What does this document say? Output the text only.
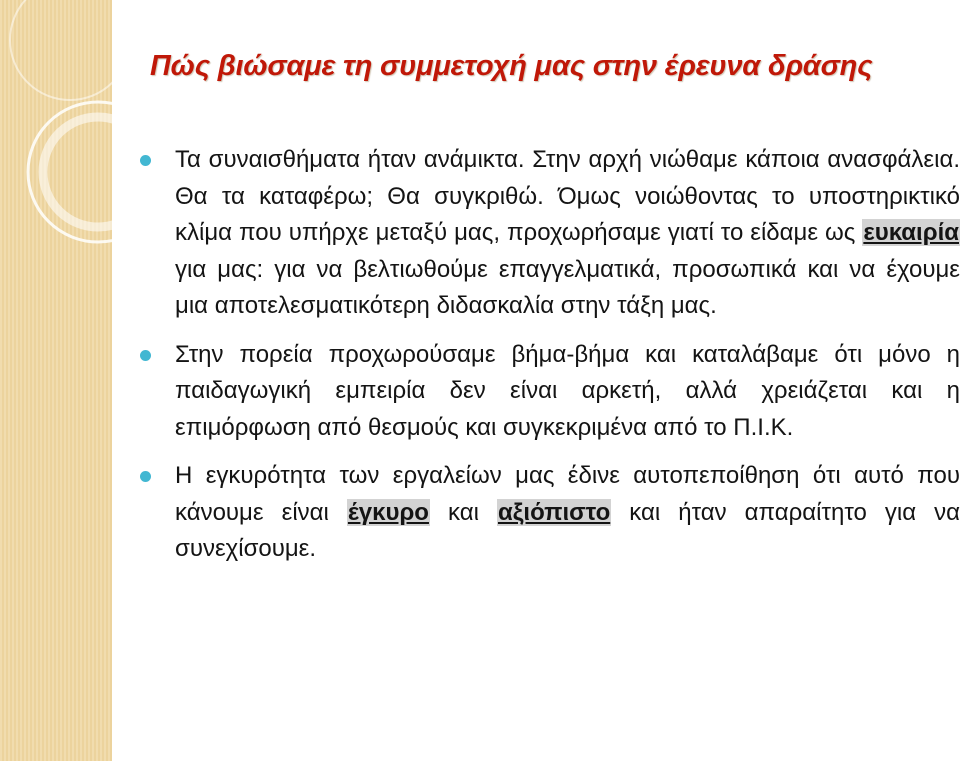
Πώς βιώσαμε τη συμμετοχή μας στην έρευνα δράσης

Τα συναισθήματα ήταν ανάμικτα. Στην αρχή νιώθαμε κάποια ανασφάλεια. Θα τα καταφέρω; Θα συγκριθώ. Όμως νοιώθοντας το υποστηρικτικό κλίμα που υπήρχε μεταξύ μας, προχωρήσαμε γιατί το είδαμε ως ευκαιρία για μας: για να βελτιωθούμε επαγγελματικά, προσωπικά και να έχουμε μια αποτελεσματικότερη διδασκαλία στην τάξη μας.

Στην πορεία προχωρούσαμε βήμα-βήμα και καταλάβαμε ότι μόνο η παιδαγωγική εμπειρία δεν είναι αρκετή, αλλά χρειάζεται και η επιμόρφωση από θεσμούς και συγκεκριμένα από το Π.Ι.Κ.

Η εγκυρότητα των εργαλείων μας έδινε αυτοπεποίθηση ότι αυτό που κάνουμε είναι έγκυρο και αξιόπιστο και ήταν απαραίτητο για να συνεχίσουμε.
